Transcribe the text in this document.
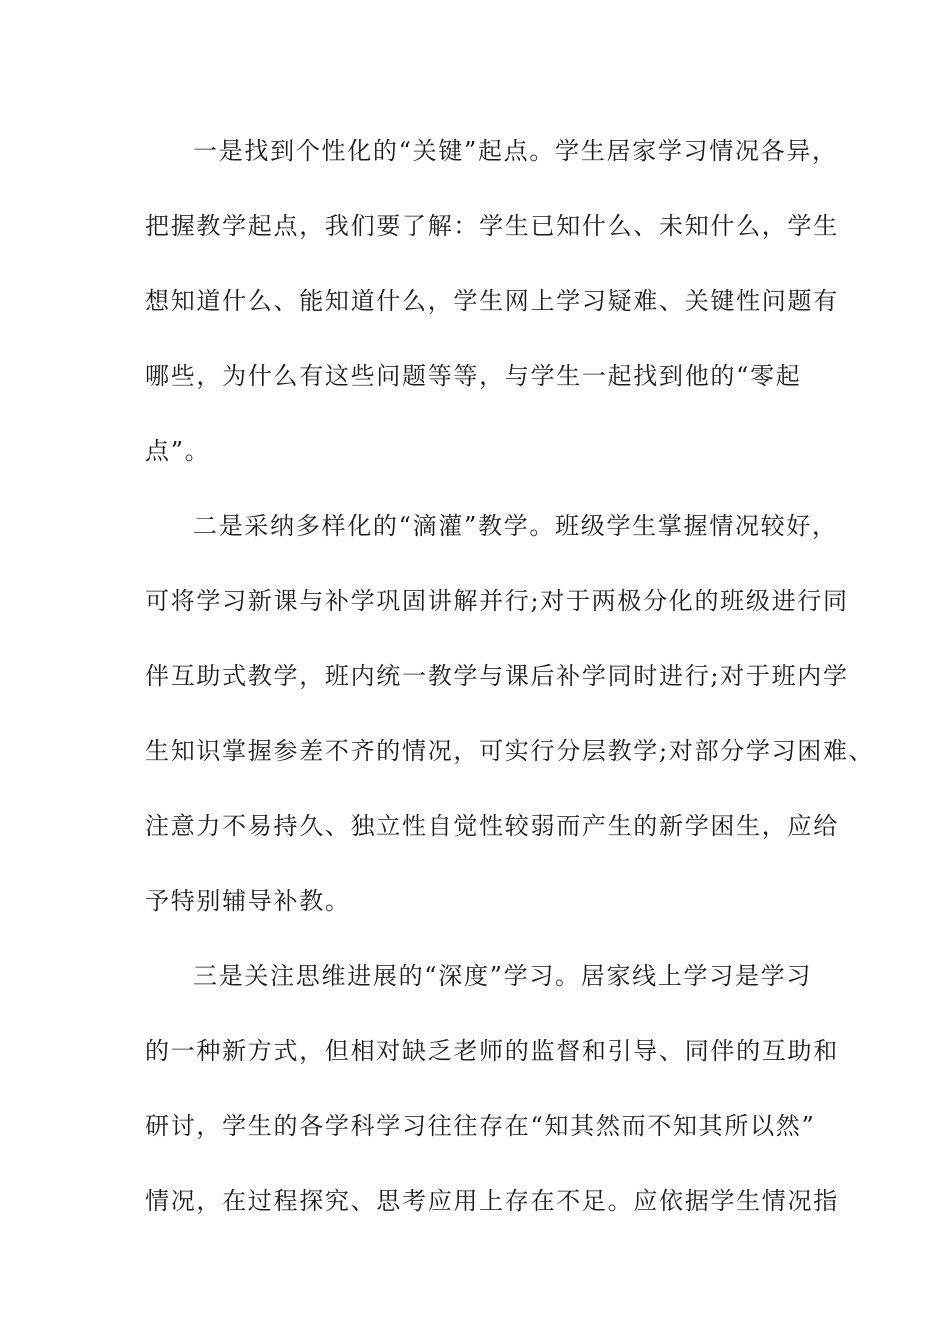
一是找到个性化的“关键”起点。学生居家学习情况各异，
把握教学起点，我们要了解：学生已知什么、未知什么，学生
想知道什么、能知道什么，学生网上学习疑难、关键性问题有
哪些，为什么有这些问题等等，与学生一起找到他的“零起
点”。
二是采纳多样化的“滴灌”教学。班级学生掌握情况较好，
可将学习新课与补学巩固讲解并行;对于两极分化的班级进行同
伴互助式教学，班内统一教学与课后补学同时进行;对于班内学
生知识掌握参差不齐的情况，可实行分层教学;对部分学习困难、
注意力不易持久、独立性自觉性较弱而产生的新学困生，应给
予特别辅导补教。
三是关注思维进展的“深度”学习。居家线上学习是学习
的一种新方式，但相对缺乏老师的监督和引导、同伴的互助和
研讨，学生的各学科学习往往存在“知其然而不知其所以然”
情况，在过程探究、思考应用上存在不足。应依据学生情况指
